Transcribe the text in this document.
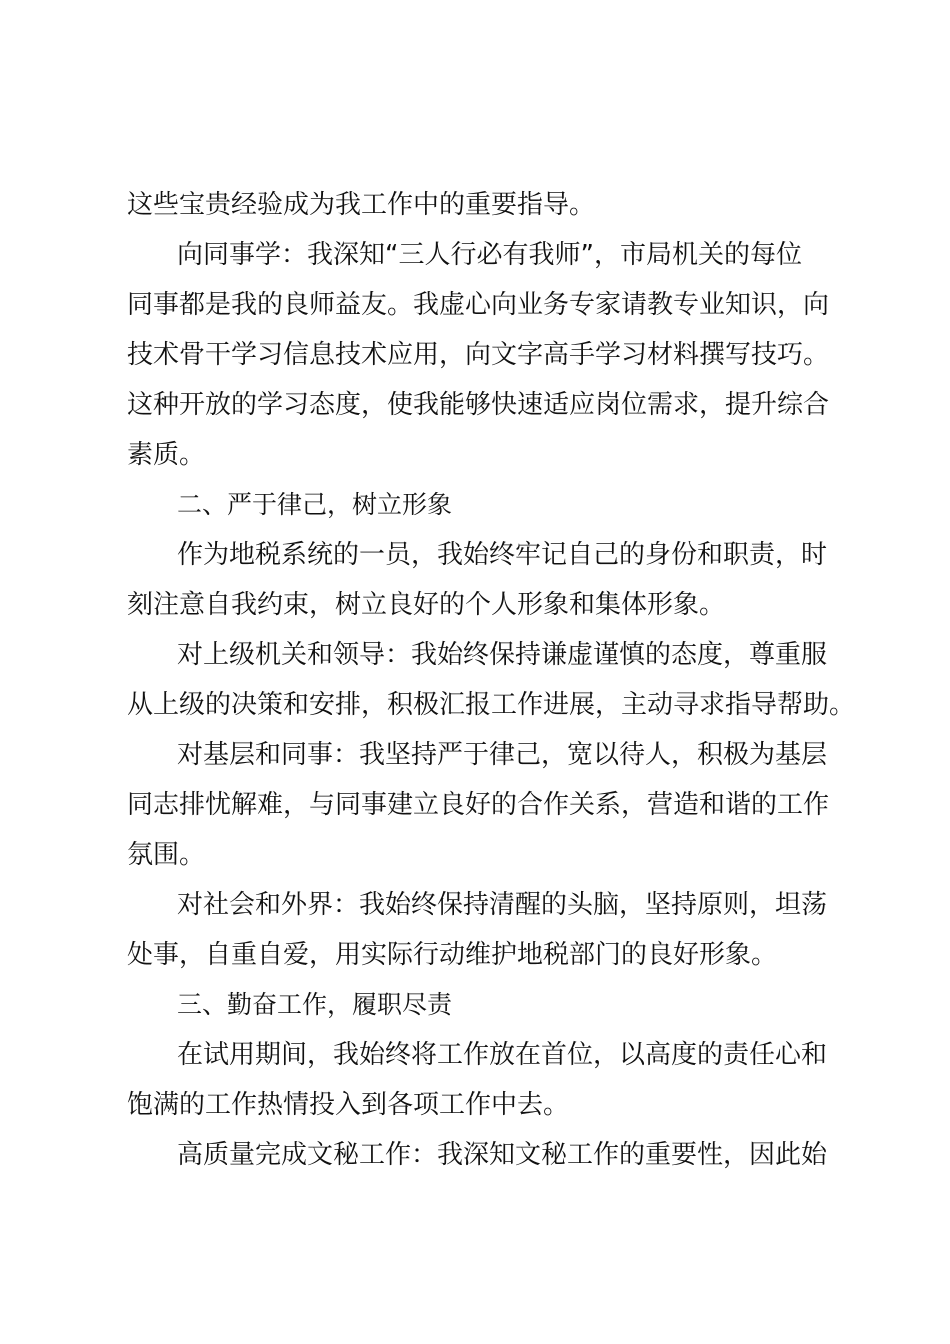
这些宝贵经验成为我工作中的重要指导。
向同事学：我深知“三人行必有我师”，市局机关的每位
同事都是我的良师益友。我虚心向业务专家请教专业知识，向
技术骨干学习信息技术应用，向文字高手学习材料撰写技巧。
这种开放的学习态度，使我能够快速适应岗位需求，提升综合
素质。
二、严于律己，树立形象
作为地税系统的一员，我始终牢记自己的身份和职责，时
刻注意自我约束，树立良好的个人形象和集体形象。
对上级机关和领导：我始终保持谦虚谨慎的态度，尊重服
从上级的决策和安排，积极汇报工作进展，主动寻求指导帮助。
对基层和同事：我坚持严于律己，宽以待人，积极为基层
同志排忧解难，与同事建立良好的合作关系，营造和谐的工作
氛围。
对社会和外界：我始终保持清醒的头脑，坚持原则，坦荡
处事，自重自爱，用实际行动维护地税部门的良好形象。
三、勤奋工作，履职尽责
在试用期间，我始终将工作放在首位，以高度的责任心和
饱满的工作热情投入到各项工作中去。
高质量完成文秘工作：我深知文秘工作的重要性，因此始
